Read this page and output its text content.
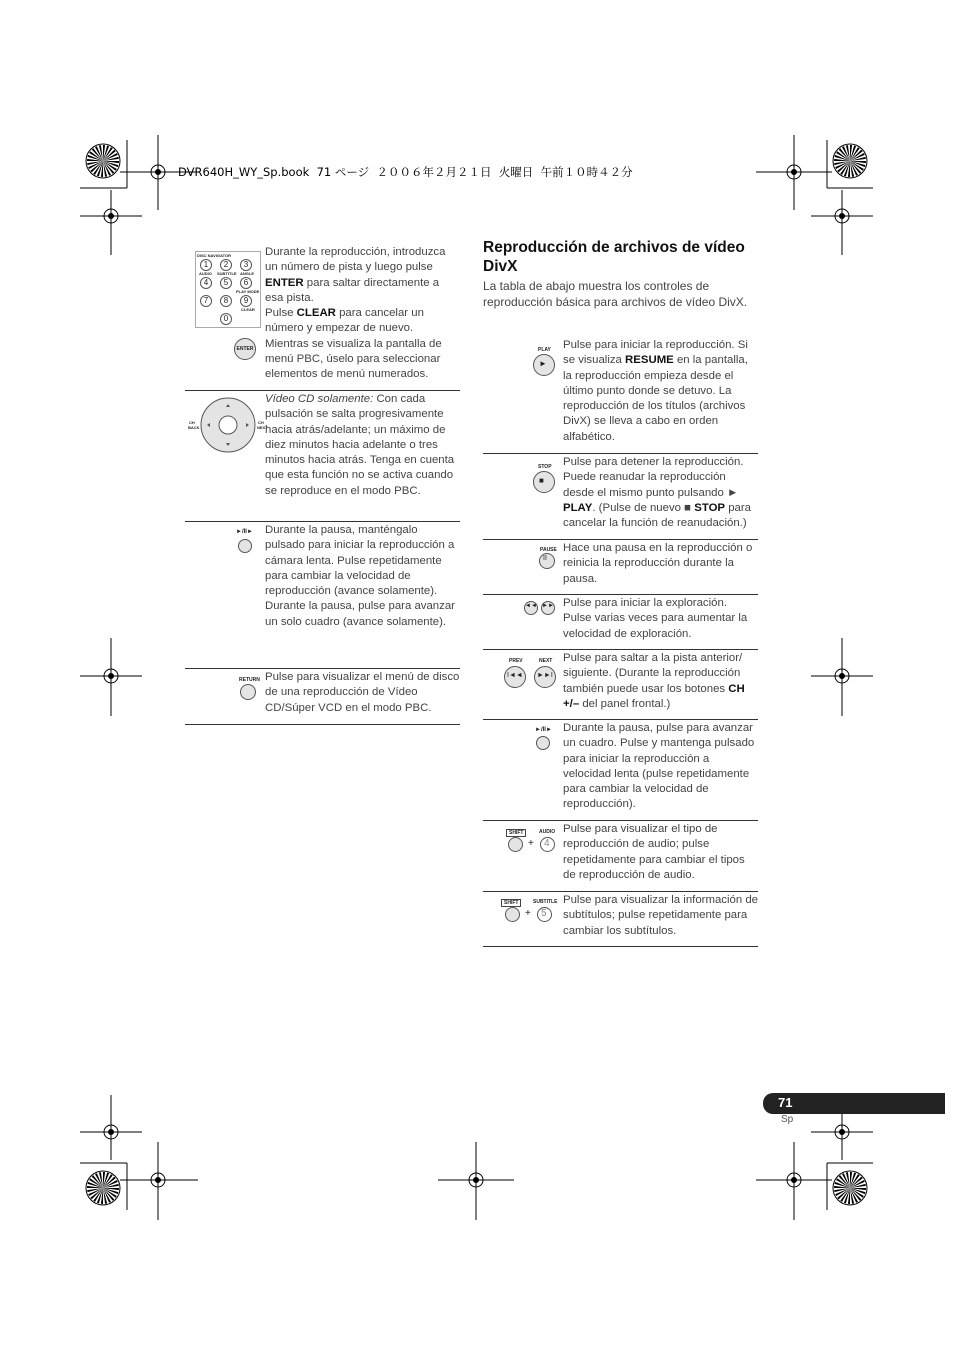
DVR640H_WY_Sp.book  71 ページ  ２００６年２月２１日  火曜日  午前１０時４２分
DISC NAVIGATOR
1	2	3
AUDIO SUBTITLE ANGLE
4	5	6
PLAY MODE
7	8	9
CLEAR
0
ENTER
Durante la reproducción, introduzca un número de pista y luego pulse ENTER para saltar directamente a esa pista.
Pulse CLEAR para cancelar un número y empezar de nuevo.
Mientras se visualiza la pantalla de menú PBC, úselo para seleccionar elementos de menú numerados.
CH
BACK
CH
NEXT
Vídeo CD solamente: Con cada pulsación se salta progresivamente hacia atrás/adelante; un máximo de diez minutos hacia adelante o tres minutos hacia atrás. Tenga en cuenta que esta función no se activa cuando se reproduce en el modo PBC.
►/II► Durante la pausa, manténgalo pulsado para iniciar la reproducción a cámara lenta. Pulse repetidamente para cambiar la velocidad de reproducción (avance solamente).
Durante la pausa, pulse para avanzar un solo cuadro (avance solamente).
RETURN Pulse para visualizar el menú de disco de una reproducción de Vídeo CD/Súper VCD en el modo PBC.
Reproducción de archivos de vídeo DivX
La tabla de abajo muestra los controles de reproducción básica para archivos de vídeo DivX.
PLAY
►
Pulse para iniciar la reproducción. Si se visualiza RESUME en la pantalla, la reproducción empieza desde el último punto donde se detuvo. La reproducción de los títulos (archivos DivX) se lleva a cabo en orden alfabético.
STOP
■
Pulse para detener la reproducción. Puede reanudar la reproducción desde el mismo punto pulsando ► PLAY. (Pulse de nuevo ■ STOP para cancelar la función de reanudación.)
PAUSE
II
Hace una pausa en la reproducción o reinicia la reproducción durante la pausa.
◄◄ ►► Pulse para iniciar la exploración. Pulse varias veces para aumentar la velocidad de exploración.
PREV	NEXT
I◄◄ ►►I
Pulse para saltar a la pista anterior/ siguiente. (Durante la reproducción también puede usar los botones CH +/– del panel frontal.)
►/II► Durante la pausa, pulse para avanzar un cuadro. Pulse y mantenga pulsado para iniciar la reproducción a velocidad lenta (pulse repetidamente para cambiar la velocidad de reproducción).
SHIFT	AUDIO
+ 4
Pulse para visualizar el tipo de reproducción de audio; pulse repetidamente para cambiar el tipos de reproducción de audio.
SHIFT	SUBTITLE
+ 5
Pulse para visualizar la información de subtítulos; pulse repetidamente para cambiar los subtítulos.
71
Sp
